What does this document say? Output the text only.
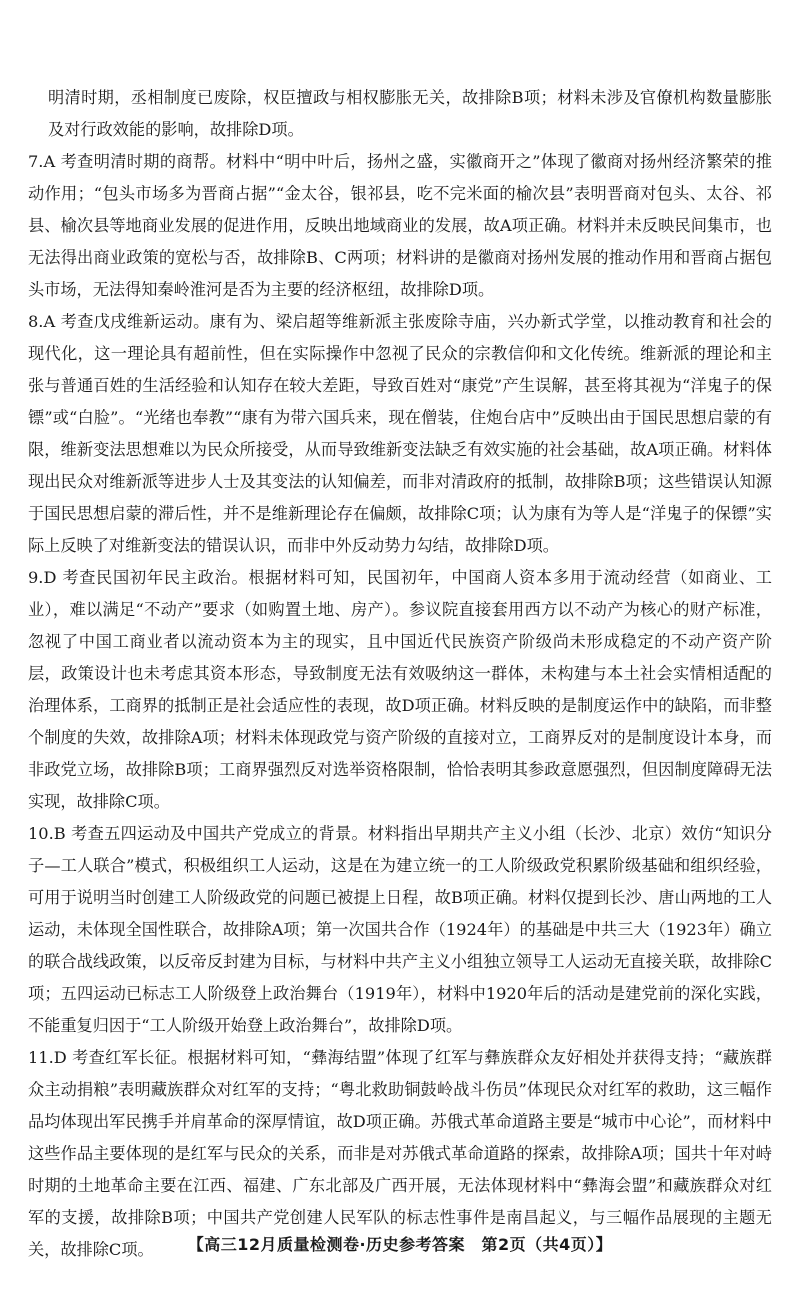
明清时期，丞相制度已废除，权臣擅政与相权膨胀无关，故排除B项；材料未涉及官僚机构数量膨胀及对行政效能的影响，故排除D项。

7.A 考查明清时期的商帮。材料中“明中叶后，扬州之盛，实徽商开之”体现了徽商对扬州经济繁荣的推动作用；“包头市场多为晋商占据”“金太谷，银祁县，吃不完米面的榆次县”表明晋商对包头、太谷、祁县、榆次县等地商业发展的促进作用，反映出地域商业的发展，故A项正确。材料并未反映民间集市，也无法得出商业政策的宽松与否，故排除B、C两项；材料讲的是徽商对扬州发展的推动作用和晋商占据包头市场，无法得知秦岭淮河是否为主要的经济枢纽，故排除D项。

8.A 考查戊戌维新运动。康有为、梁启超等维新派主张废除寺庙，兴办新式学堂，以推动教育和社会的现代化，这一理论具有超前性，但在实际操作中忽视了民众的宗教信仰和文化传统。维新派的理论和主张与普通百姓的生活经验和认知存在较大差距，导致百姓对“康党”产生误解，甚至将其视为“洋鬼子的保镖”或“白脸”。“光绪也奉教”“康有为带六国兵来，现在僧装，住炮台店中”反映出由于国民思想启蒙的有限，维新变法思想难以为民众所接受，从而导致维新变法缺乏有效实施的社会基础，故A项正确。材料体现出民众对维新派等进步人士及其变法的认知偏差，而非对清政府的抵制，故排除B项；这些错误认知源于国民思想启蒙的滞后性，并不是维新理论存在偏颇，故排除C项；认为康有为等人是“洋鬼子的保镖”实际上反映了对维新变法的错误认识，而非中外反动势力勾结，故排除D项。

9.D 考查民国初年民主政治。根据材料可知，民国初年，中国商人资本多用于流动经营（如商业、工业），难以满足“不动产”要求（如购置土地、房产）。参议院直接套用西方以不动产为核心的财产标准，忽视了中国工商业者以流动资本为主的现实，且中国近代民族资产阶级尚未形成稳定的不动产资产阶层，政策设计也未考虑其资本形态，导致制度无法有效吸纳这一群体，未构建与本土社会实情相适配的治理体系，工商界的抵制正是社会适应性的表现，故D项正确。材料反映的是制度运作中的缺陷，而非整个制度的失效，故排除A项；材料未体现政党与资产阶级的直接对立，工商界反对的是制度设计本身，而非政党立场，故排除B项；工商界强烈反对选举资格限制，恰恰表明其参政意愿强烈，但因制度障碍无法实现，故排除C项。

10.B 考查五四运动及中国共产党成立的背景。材料指出早期共产主义小组（长沙、北京）效仿“知识分子—工人联合”模式，积极组织工人运动，这是在为建立统一的工人阶级政党积累阶级基础和组织经验，可用于说明当时创建工人阶级政党的问题已被提上日程，故B项正确。材料仅提到长沙、唐山两地的工人运动，未体现全国性联合，故排除A项；第一次国共合作（1924年）的基础是中共三大（1923年）确立的联合战线政策，以反帝反封建为目标，与材料中共产主义小组独立领导工人运动无直接关联，故排除C项；五四运动已标志工人阶级登上政治舞台（1919年），材料中1920年后的活动是建党前的深化实践，不能重复归因于“工人阶级开始登上政治舞台”，故排除D项。

11.D 考查红军长征。根据材料可知，“彝海结盟”体现了红军与彝族群众友好相处并获得支持；“藏族群众主动捐粮”表明藏族群众对红军的支持；“粤北救助铜鼓岭战斗伤员”体现民众对红军的救助，这三幅作品均体现出军民携手并肩革命的深厚情谊，故D项正确。苏俄式革命道路主要是“城市中心论”，而材料中这些作品主要体现的是红军与民众的关系，而非是对苏俄式革命道路的探索，故排除A项；国共十年对峙时期的土地革命主要在江西、福建、广东北部及广西开展，无法体现材料中“彝海会盟”和藏族群众对红军的支援，故排除B项；中国共产党创建人民军队的标志性事件是南昌起义，与三幅作品展现的主题无关，故排除C项。	【高三12月质量检测卷·历史参考答案　第2页（共4页）】
